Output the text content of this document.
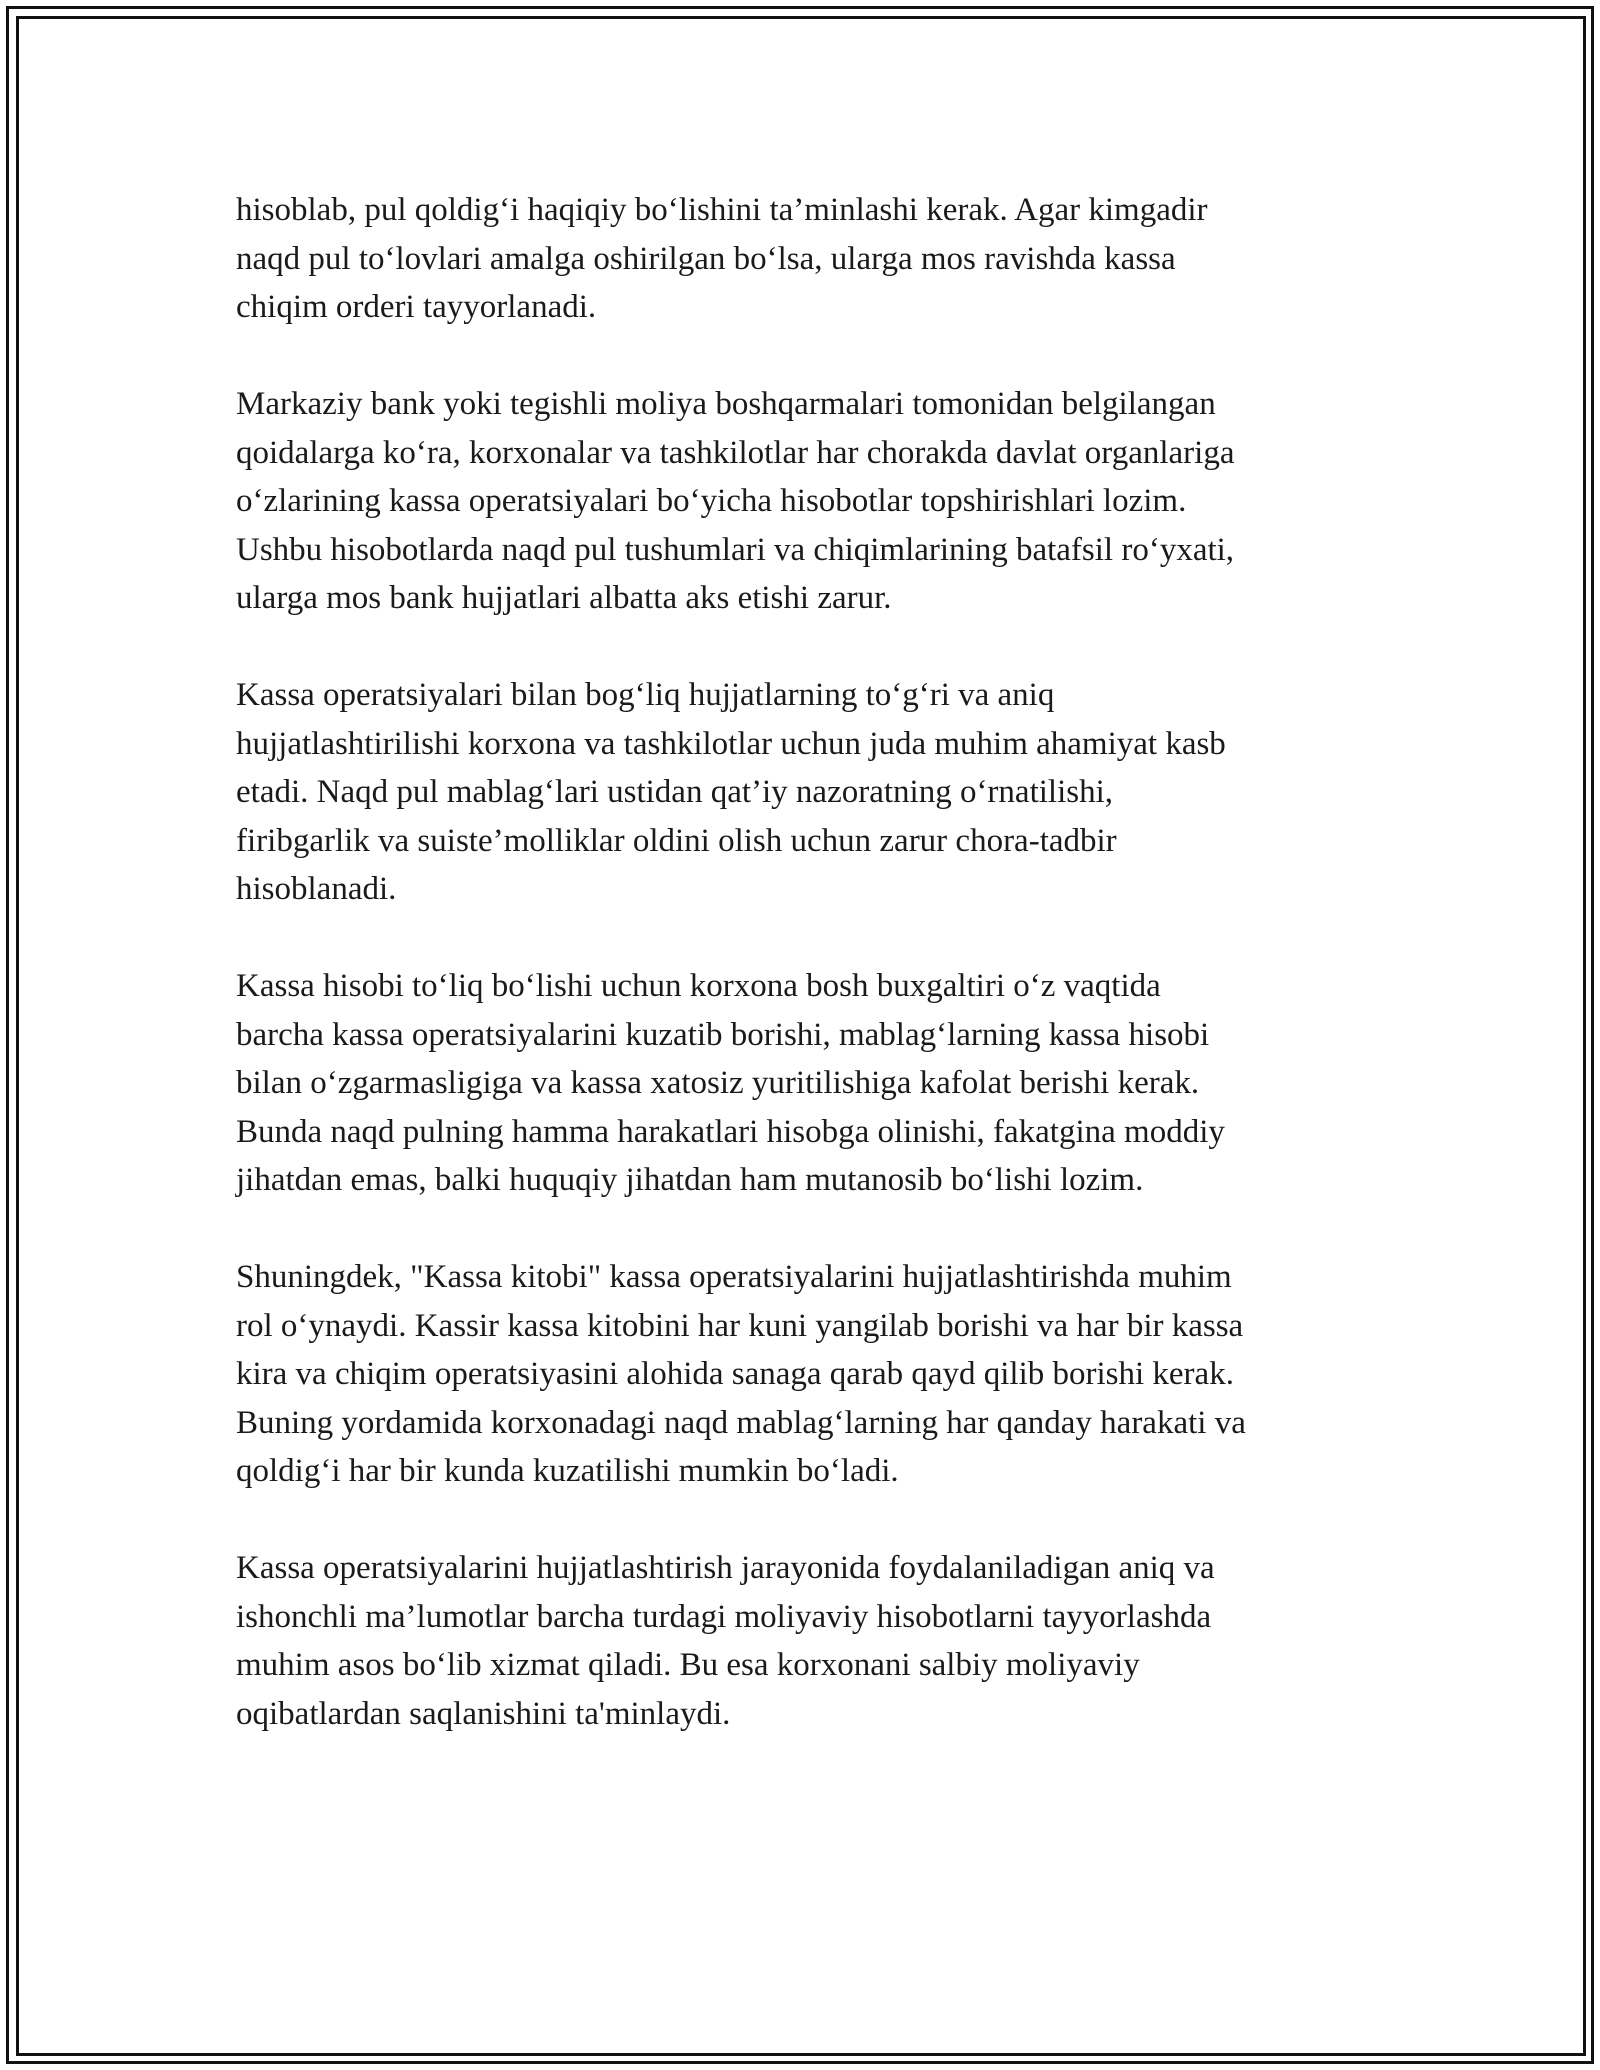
hisoblab, pul qoldig‘i haqiqiy bo‘lishini ta’minlashi kerak. Agar kimgadir
naqd pul to‘lovlari amalga oshirilgan bo‘lsa, ularga mos ravishda kassa
chiqim orderi tayyorlanadi.

Markaziy bank yoki tegishli moliya boshqarmalari tomonidan belgilangan
qoidalarga ko‘ra, korxonalar va tashkilotlar har chorakda davlat organlariga
o‘zlarining kassa operatsiyalari bo‘yicha hisobotlar topshirishlari lozim.
Ushbu hisobotlarda naqd pul tushumlari va chiqimlarining batafsil ro‘yxati,
ularga mos bank hujjatlari albatta aks etishi zarur.

Kassa operatsiyalari bilan bog‘liq hujjatlarning to‘g‘ri va aniq
hujjatlashtirilishi korxona va tashkilotlar uchun juda muhim ahamiyat kasb
etadi. Naqd pul mablag‘lari ustidan qat’iy nazoratning o‘rnatilishi,
firibgarlik va suiste’molliklar oldini olish uchun zarur chora-tadbir
hisoblanadi.

Kassa hisobi to‘liq bo‘lishi uchun korxona bosh buxgaltiri o‘z vaqtida
barcha kassa operatsiyalarini kuzatib borishi, mablag‘larning kassa hisobi
bilan o‘zgarmasligiga va kassa xatosiz yuritilishiga kafolat berishi kerak.
Bunda naqd pulning hamma harakatlari hisobga olinishi, fakatgina moddiy
jihatdan emas, balki huquqiy jihatdan ham mutanosib bo‘lishi lozim.

Shuningdek, "Kassa kitobi" kassa operatsiyalarini hujjatlashtirishda muhim
rol o‘ynaydi. Kassir kassa kitobini har kuni yangilab borishi va har bir kassa
kira va chiqim operatsiyasini alohida sanaga qarab qayd qilib borishi kerak.
Buning yordamida korxonadagi naqd mablag‘larning har qanday harakati va
qoldig‘i har bir kunda kuzatilishi mumkin bo‘ladi.

Kassa operatsiyalarini hujjatlashtirish jarayonida foydalaniladigan aniq va
ishonchli ma’lumotlar barcha turdagi moliyaviy hisobotlarni tayyorlashda
muhim asos bo‘lib xizmat qiladi. Bu esa korxonani salbiy moliyaviy
oqibatlardan saqlanishini ta'minlaydi.
